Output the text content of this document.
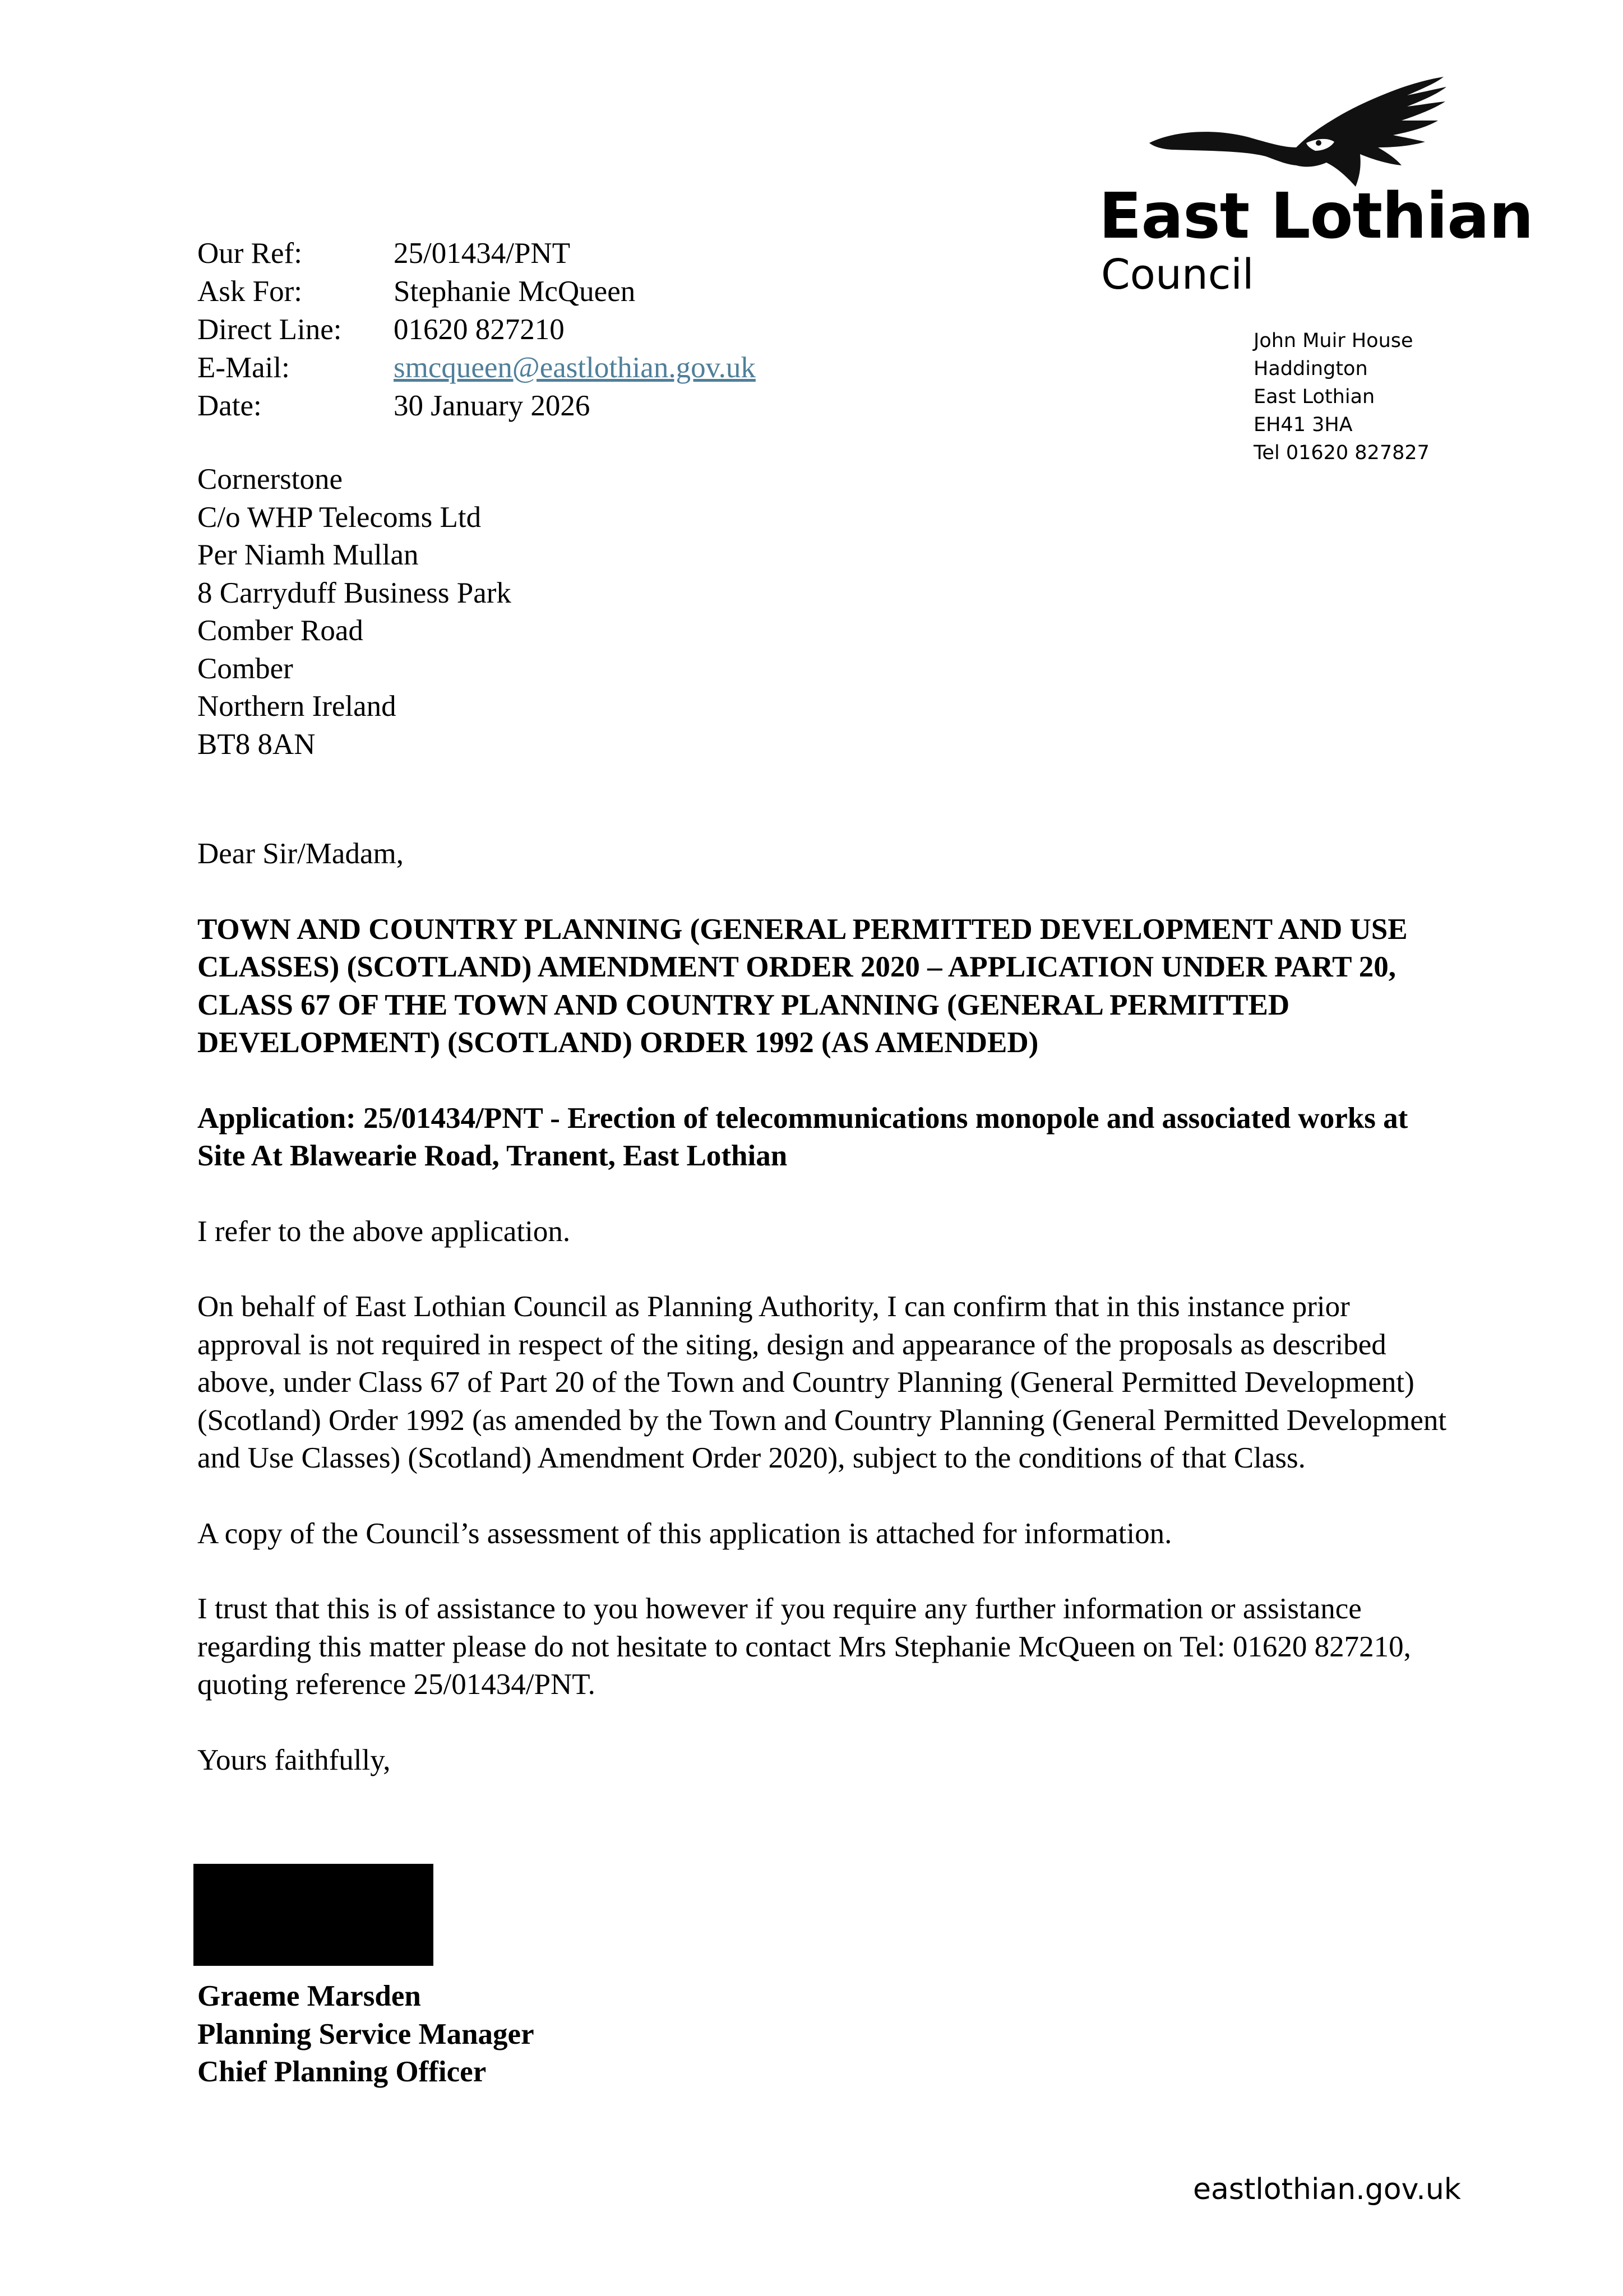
East Lothian
Council
John Muir House
Haddington
East Lothian
EH41 3HA
Tel 01620 827827
Our Ref:	25/01434/PNT
Ask For:	Stephanie McQueen
Direct Line:	01620 827210
E-Mail:	smcqueen@eastlothian.gov.uk
Date:	30 January 2026
Cornerstone
C/o WHP Telecoms Ltd
Per Niamh Mullan
8 Carryduff Business Park
Comber Road
Comber
Northern Ireland
BT8 8AN

Dear Sir/Madam,

TOWN AND COUNTRY PLANNING (GENERAL PERMITTED DEVELOPMENT AND USE CLASSES) (SCOTLAND) AMENDMENT ORDER 2020 – APPLICATION UNDER PART 20, CLASS 67 OF THE TOWN AND COUNTRY PLANNING (GENERAL PERMITTED DEVELOPMENT) (SCOTLAND) ORDER 1992 (AS AMENDED)

Application: 25/01434/PNT - Erection of telecommunications monopole and associated works at Site At Blawearie Road, Tranent, East Lothian

I refer to the above application.

On behalf of East Lothian Council as Planning Authority, I can confirm that in this instance prior approval is not required in respect of the siting, design and appearance of the proposals as described above, under Class 67 of Part 20 of the Town and Country Planning (General Permitted Development) (Scotland) Order 1992 (as amended by the Town and Country Planning (General Permitted Development and Use Classes) (Scotland) Amendment Order 2020), subject to the conditions of that Class.

A copy of the Council’s assessment of this application is attached for information.

I trust that this is of assistance to you however if you require any further information or assistance regarding this matter please do not hesitate to contact Mrs Stephanie McQueen on Tel: 01620 827210, quoting reference 25/01434/PNT.

Yours faithfully,

Graeme Marsden
Planning Service Manager
Chief Planning Officer
eastlothian.gov.uk
